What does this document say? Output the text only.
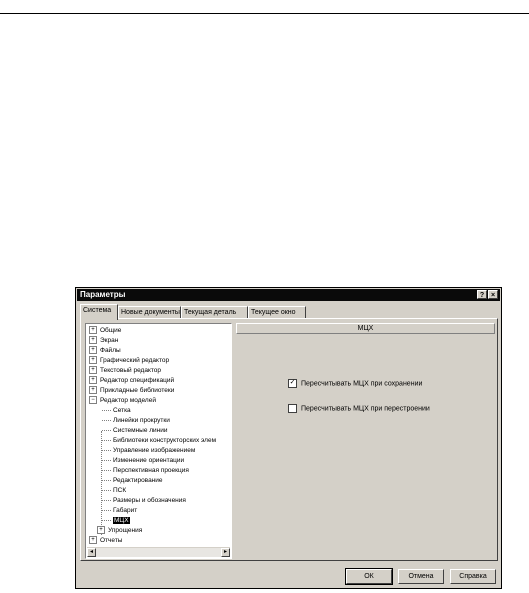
Параметры	? ×
Система	Новые документы Текущая деталь	Текущее окно
+ Общие
+ Экран
+ Файлы
+ Графический редактор
+ Текстовый редактор
+ Редактор спецификаций
+ Прикладные библиотеки
− Редактор моделей
Сетка
Линейки прокрутки
Системные линии
Библиотеки конструкторских элем
Управление изображением
Изменение ориентации
Перспективная проекция
Редактирование
ПСК
Размеры и обозначения
Габарит
МЦХ
+ Упрощения
+ Отчеты
◂	▸
МЦХ
✓ Пересчитывать МЦХ при сохранении
Пересчитывать МЦХ при перестроении
ОК	Отмена	Справка
